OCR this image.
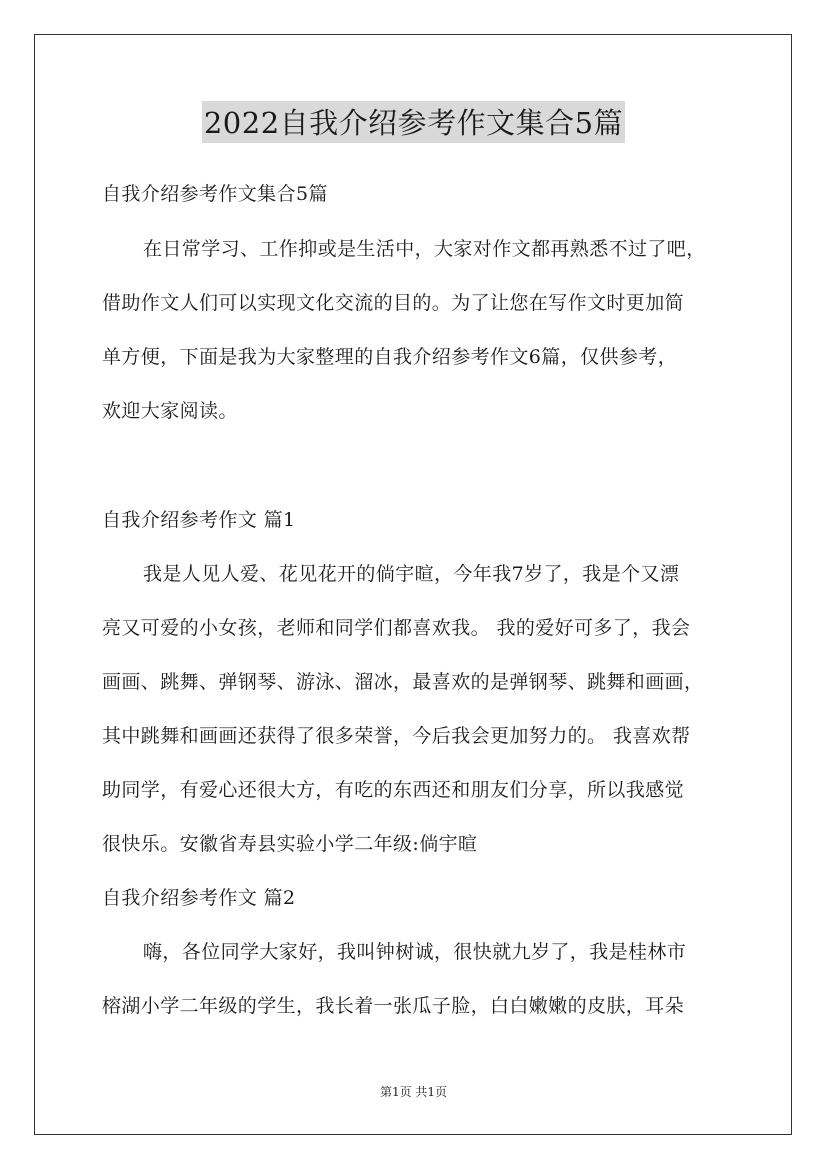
2022自我介绍参考作文集合5篇
自我介绍参考作文集合5篇
在日常学习、工作抑或是生活中，大家对作文都再熟悉不过了吧，
借助作文人们可以实现文化交流的目的。为了让您在写作文时更加简
单方便，下面是我为大家整理的自我介绍参考作文6篇，仅供参考，
欢迎大家阅读。
自我介绍参考作文 篇1
我是人见人爱、花见花开的倘宇暄，今年我7岁了，我是个又漂
亮又可爱的小女孩，老师和同学们都喜欢我。 我的爱好可多了，我会
画画、跳舞、弹钢琴、游泳、溜冰，最喜欢的是弹钢琴、跳舞和画画，
其中跳舞和画画还获得了很多荣誉，今后我会更加努力的。 我喜欢帮
助同学，有爱心还很大方，有吃的东西还和朋友们分享，所以我感觉
很快乐。安徽省寿县实验小学二年级:倘宇暄
自我介绍参考作文 篇2
嗨，各位同学大家好，我叫钟树诚，很快就九岁了，我是桂林市
榕湖小学二年级的学生，我长着一张瓜子脸，白白嫩嫩的皮肤，耳朵
第1页 共1页
